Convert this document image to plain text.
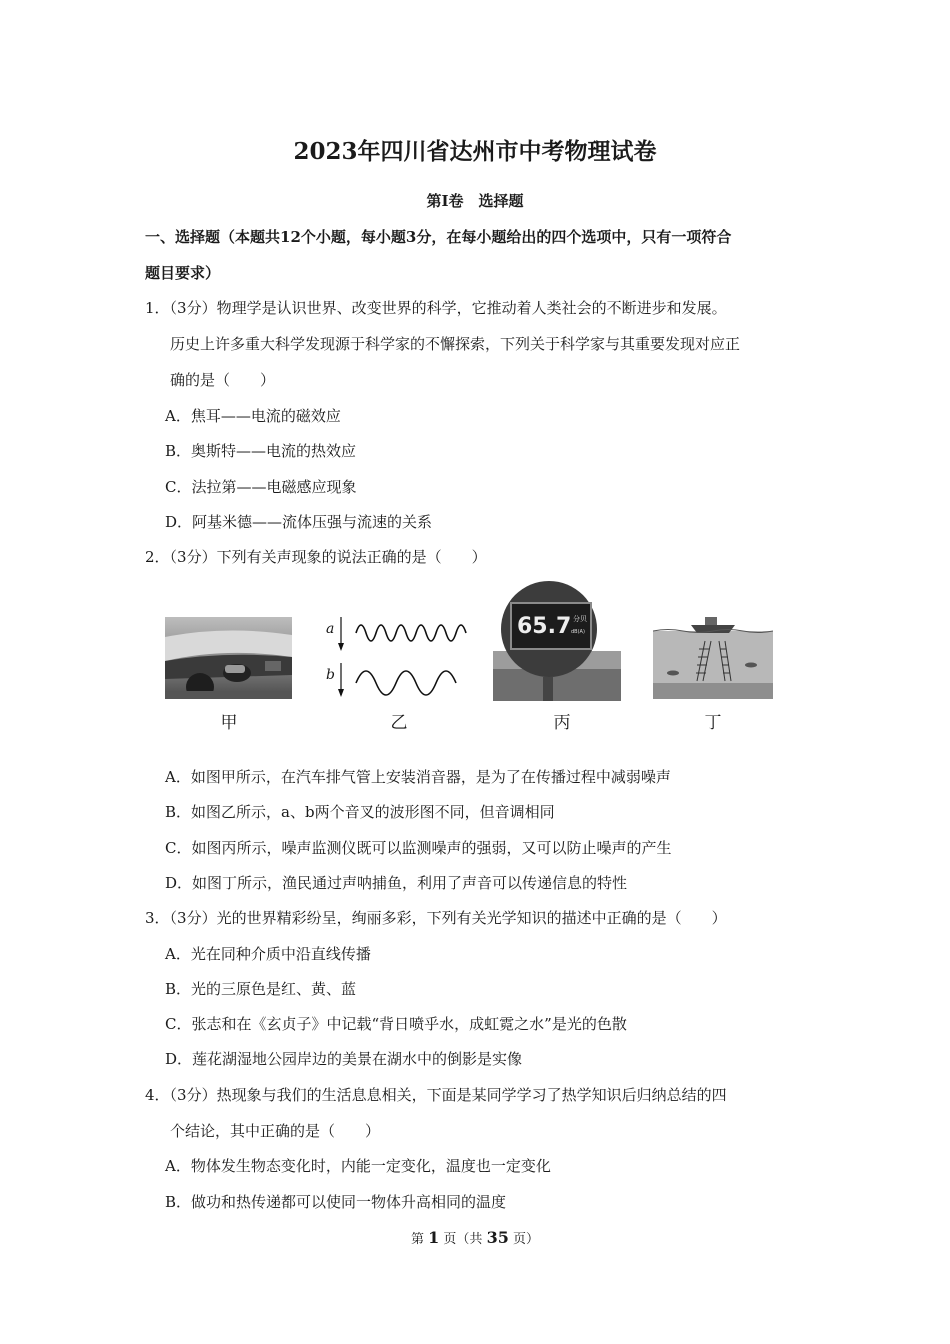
2023年四川省达州市中考物理试卷
第Ⅰ卷　选择题
一、选择题（本题共12个小题，每小题3分，在每小题给出的四个选项中，只有一项符合
题目要求）
1．（3分）物理学是认识世界、改变世界的科学，它推动着人类社会的不断进步和发展。
历史上许多重大科学发现源于科学家的不懈探索，下列关于科学家与其重要发现对应正
确的是（　　）
A．焦耳——电流的磁效应
B．奥斯特——电流的热效应
C．法拉第——电磁感应现象
D．阿基米德——流体压强与流速的关系
2．（3分）下列有关声现象的说法正确的是（　　）
甲
a
b
乙
65.7 分贝
dB(A)
丙	丁
A．如图甲所示，在汽车排气管上安装消音器，是为了在传播过程中减弱噪声
B．如图乙所示，a、b两个音叉的波形图不同，但音调相同
C．如图丙所示，噪声监测仪既可以监测噪声的强弱，又可以防止噪声的产生
D．如图丁所示，渔民通过声呐捕鱼，利用了声音可以传递信息的特性
3．（3分）光的世界精彩纷呈，绚丽多彩，下列有关光学知识的描述中正确的是（　　）
A．光在同种介质中沿直线传播
B．光的三原色是红、黄、蓝
C．张志和在《玄贞子》中记载“背日喷乎水，成虹霓之水”是光的色散
D．莲花湖湿地公园岸边的美景在湖水中的倒影是实像
4．（3分）热现象与我们的生活息息相关，下面是某同学学习了热学知识后归纳总结的四
个结论，其中正确的是（　　）
A．物体发生物态变化时，内能一定变化，温度也一定变化
B．做功和热传递都可以使同一物体升高相同的温度
第 1 页（共 35 页）
